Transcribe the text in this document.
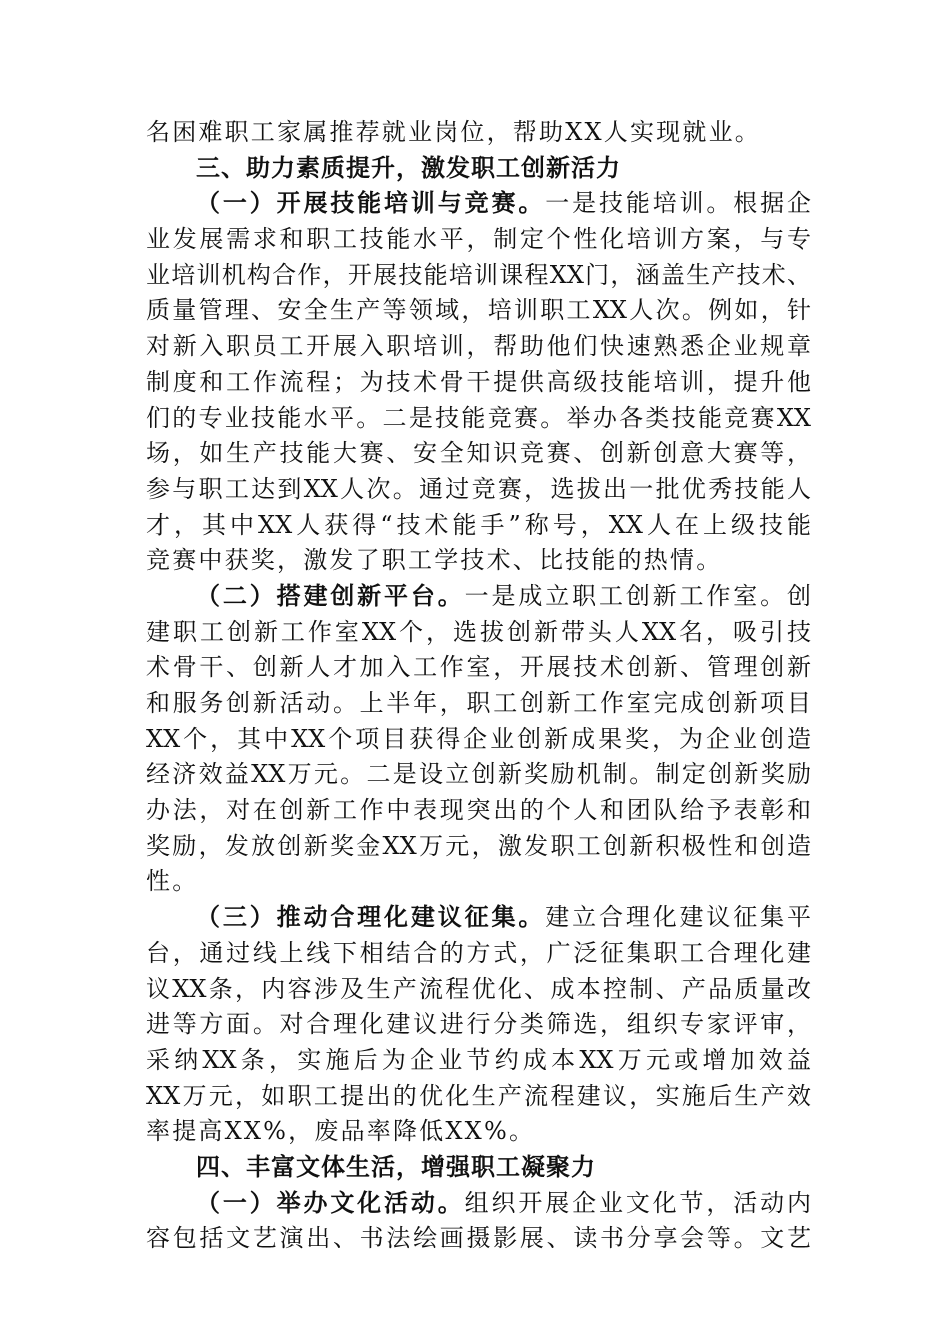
名困难职工家属推荐就业岗位，帮助XX人实现就业。
三、助力素质提升，激发职工创新活力
（一）开展技能培训与竞赛。一是技能培训。根据企
业发展需求和职工技能水平，制定个性化培训方案，与专
业培训机构合作，开展技能培训课程XX门，涵盖生产技术、
质量管理、安全生产等领域，培训职工XX人次。例如，针
对新入职员工开展入职培训，帮助他们快速熟悉企业规章
制度和工作流程；为技术骨干提供高级技能培训，提升他
们的专业技能水平。二是技能竞赛。举办各类技能竞赛XX
场，如生产技能大赛、安全知识竞赛、创新创意大赛等，
参与职工达到XX人次。通过竞赛，选拔出一批优秀技能人
才，其中XX人获得“技术能手”称号，XX人在上级技能
竞赛中获奖，激发了职工学技术、比技能的热情。
（二）搭建创新平台。一是成立职工创新工作室。创
建职工创新工作室XX个，选拔创新带头人XX名，吸引技
术骨干、创新人才加入工作室，开展技术创新、管理创新
和服务创新活动。上半年，职工创新工作室完成创新项目
XX个，其中XX个项目获得企业创新成果奖，为企业创造
经济效益XX万元。二是设立创新奖励机制。制定创新奖励
办法，对在创新工作中表现突出的个人和团队给予表彰和
奖励，发放创新奖金XX万元，激发职工创新积极性和创造
性。
（三）推动合理化建议征集。建立合理化建议征集平
台，通过线上线下相结合的方式，广泛征集职工合理化建
议XX条，内容涉及生产流程优化、成本控制、产品质量改
进等方面。对合理化建议进行分类筛选，组织专家评审，
采纳XX条，实施后为企业节约成本XX万元或增加效益
XX万元，如职工提出的优化生产流程建议，实施后生产效
率提高XX%，废品率降低XX%。
四、丰富文体生活，增强职工凝聚力
（一）举办文化活动。组织开展企业文化节，活动内
容包括文艺演出、书法绘画摄影展、读书分享会等。文艺
